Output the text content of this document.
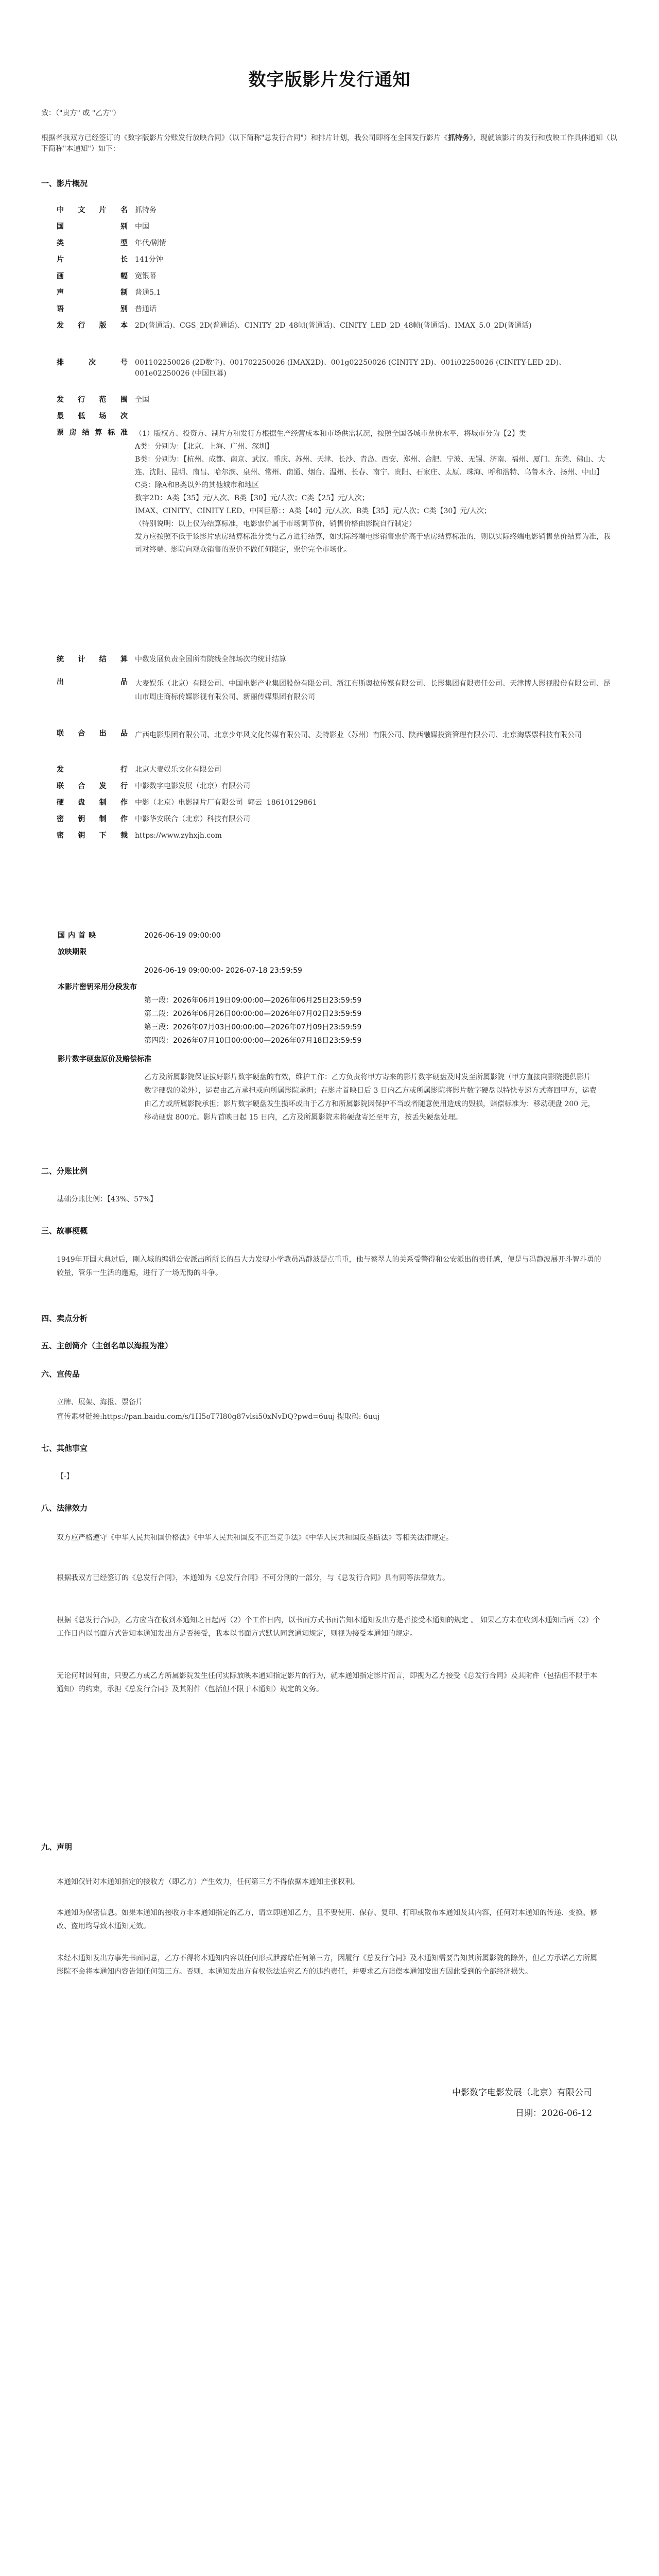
数字版影片发行通知
致：（"贵方" 或 "乙方"）
根据者我双方已经签订的《数字版影片分账发行放映合同》（以下简称"总发行合同"）和排片计划，我公司即将在全国发行影片《抓特务》，现就该影片的发行和放映工作具体通知（以下简称"本通知"）如下：
一、影片概况
中文片名	抓特务
国别	中国
类型	年代/剧情
片长	141分钟
画幅	宽银幕
声制	普通5.1
语别	普通话
发行版本	2D(普通话)、CGS_2D(普通话)、CINITY_2D_48帧(普通话)、CINITY_LED_2D_48帧(普通话)、IMAX_5.0_2D(普通话)
排次号	001102250026 (2D数字)、001702250026 (IMAX2D)、001g02250026 (CINITY 2D)、001i02250026 (CINITY-LED 2D)、001e02250026 (中国巨幕)
发行范围	全国
最低场次
票房结算标准	（1）版权方、投资方、制片方和发行方根据生产经营成本和市场供需状况，按照全国各城市票价水平，将城市分为【2】类
A类：分别为：【北京、上海、广州、深圳】
B类：分别为：【杭州、成都、南京、武汉、重庆、苏州、天津、长沙、青岛、西安、郑州、合肥、宁波、无锡、济南、福州、厦门、东莞、佛山、大连、沈阳、昆明、南昌、哈尔滨、泉州、常州、南通、烟台、温州、长春、南宁、贵阳、石家庄、太原、珠海、呼和浩特、乌鲁木齐、扬州、中山】
C类：除A和B类以外的其他城市和地区
数字2D：A类【35】元/人次、B类【30】元/人次；C类【25】元/人次；
IMAX、CINITY、CINITY LED、中国巨幕：：A类【40】元/人次、B类【35】元/人次；C类【30】元/人次；
（特别说明：以上仅为结算标准，电影票价属于市场调节价，销售价格由影院自行制定）
发方应按照不低于该影片票房结算标准分类与乙方进行结算，如实际终端电影销售票价高于票房结算标准的，则以实际终端电影销售票价结算为准，我司对终端、影院向观众销售的票价不做任何限定，票价完全市场化。
统计结算	中数发展负责全国所有院线全部场次的统计结算
出品	大麦娱乐（北京）有限公司、中国电影产业集团股份有限公司、浙江布斯奥拉传媒有限公司、长影集团有限责任公司、天津博人影视股份有限公司、昆山市周庄商标传媒影视有限公司、新丽传媒集团有限公司
联合出品	广西电影集团有限公司、北京少年风文化传媒有限公司、麦特影业（苏州）有限公司、陕西融媒投资管理有限公司、北京淘票票科技有限公司
发行	北京大麦娱乐文化有限公司
联合发行	中影数字电影发展（北京）有限公司
硬盘制作	中影（北京）电影制片厂有限公司  郭云  18610129861
密钥制作	中影华安联合（北京）科技有限公司
密钥下载	https://www.zyhxjh.com
国内首映	2026-06-19 09:00:00
放映期限
2026-06-19 09:00:00- 2026-07-18 23:59:59
本影片密钥采用分段发布
第一段：2026年06月19日09:00:00—2026年06月25日23:59:59
第二段：2026年06月26日00:00:00—2026年07月02日23:59:59
第三段：2026年07月03日00:00:00—2026年07月09日23:59:59
第四段：2026年07月10日00:00:00—2026年07月18日23:59:59
影片数字硬盘原价及赔偿标准
乙方及所属影院保证拔好影片数字硬盘的有效，维护工作：乙方负责将甲方寄来的影片数字硬盘及时发至所属影院（甲方直接向影院提供影片数字硬盘的除外），运费由乙方承担或向所属影院承担；在影片首映日后 3 日内乙方或所属影院将影片数字硬盘以特快专递方式寄回甲方，运费由乙方或所属影院承担；影片数字硬盘发生损坏或由于乙方和所属影院因保护不当或者随意使用造成的毁损，赔偿标准为：移动硬盘 200 元，移动硬盘 800元。影片首映日起 15 日内，乙方及所属影院未将硬盘寄还至甲方，按丢失硬盘处理。
二、分账比例
基础分账比例：【43%、57%】
三、故事梗概
1949年开国大典过后，刚入城的编辑公安派出所所长的吕大力发现小学教员冯静波疑点重重，他与蔡翠人的关系受警得和公安派出的责任感，便是与冯静波展开斗智斗勇的较量，管乐一生活的邂逅，进行了一场无悔的斗争。
四、卖点分析
五、主创简介（主创名单以海报为准）
六、宣传品
立牌、展架、海报、票备片
宣传素材链接:https://pan.baidu.com/s/1H5oT7I80g87vlsi50xNvDQ?pwd=6uuj 提取码: 6uuj
七、其他事宜
【-】
八、法律效力
双方应严格遵守《中华人民共和国价格法》《中华人民共和国反不正当竞争法》《中华人民共和国反垄断法》等相关法律规定。
根据我双方已经签订的《总发行合同》，本通知为《总发行合同》不可分割的一部分，与《总发行合同》具有同等法律效力。
根据《总发行合同》，乙方应当在收到本通知之日起两（2）个工作日内，以书面方式书面告知本通知发出方是否接受本通知的规定 。 如果乙方未在收到本通知后两（2）个工作日内以书面方式告知本通知发出方是否接受，我本以书面方式默认同意通知规定，则视为接受本通知的规定。
无论何时因何由，只要乙方或乙方所属影院发生任何实际放映本通知指定影片的行为，就本通知指定影片而言，即视为乙方接受《总发行合同》及其附件（包括但不限于本通知）的约束，承担《总发行合同》及其附件（包括但不限于本通知）规定的义务。
九、声明
本通知仅针对本通知指定的接收方（即乙方）产生效力，任何第三方不得依据本通知主张权利。
本通知为保密信息。如果本通知的接收方非本通知指定的乙方，请立即通知乙方，且不要使用、保存、复印、打印或散布本通知及其内容，任何对本通知的传递、变换、修改、盗用均导致本通知无效。
未经本通知发出方事先书面同意，乙方不得将本通知内容以任何形式泄露给任何第三方，因履行《总发行合同》及本通知需要告知其所属影院的除外，但乙方承诺乙方所属影院不会将本通知内容告知任何第三方。否则，本通知发出方有权依法追究乙方的违约责任，并要求乙方赔偿本通知发出方因此受到的全部经济损失。
中影数字电影发展（北京）有限公司
日期：2026-06-12
